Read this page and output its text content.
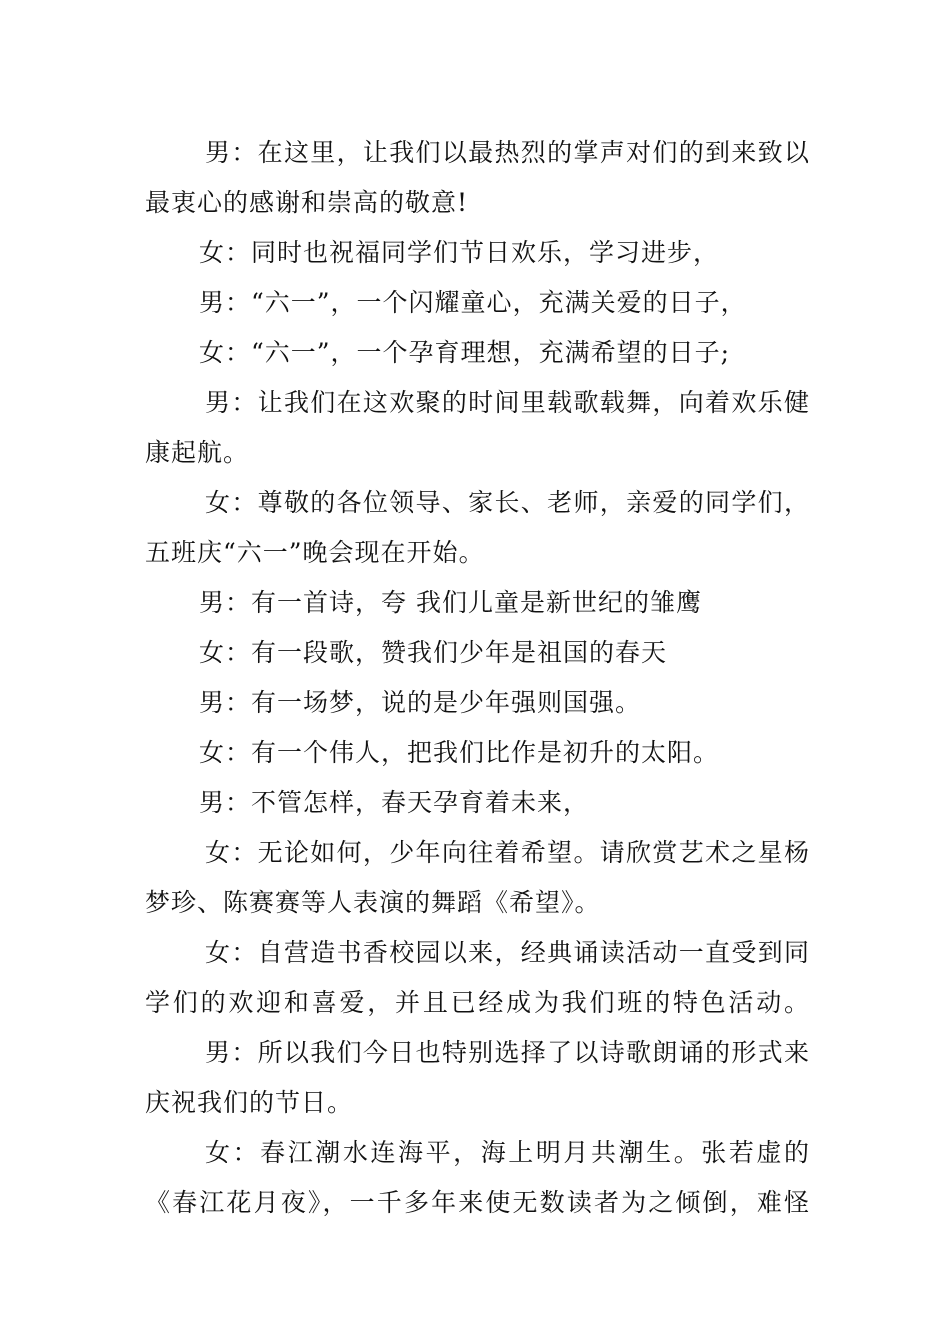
男：在这里，让我们以最热烈的掌声对们的到来致以
最衷心的感谢和崇高的敬意!
女：同时也祝福同学们节日欢乐，学习进步，
男：“六一”，一个闪耀童心，充满关爱的日子，
女：“六一”，一个孕育理想，充满希望的日子;
男：让我们在这欢聚的时间里载歌载舞，向着欢乐健
康起航。
女：尊敬的各位领导、家长、老师，亲爱的同学们，
五班庆“六一”晚会现在开始。
男：有一首诗，夸 我们儿童是新世纪的雏鹰
女：有一段歌，赞我们少年是祖国的春天
男：有一场梦，说的是少年强则国强。
女：有一个伟人，把我们比作是初升的太阳。
男：不管怎样，春天孕育着未来，
女：无论如何，少年向往着希望。请欣赏艺术之星杨
梦珍、陈赛赛等人表演的舞蹈《希望》。
女：自营造书香校园以来，经典诵读活动一直受到同
学们的欢迎和喜爱，并且已经成为我们班的特色活动。
男：所以我们今日也特别选择了以诗歌朗诵的形式来
庆祝我们的节日。
女：春江潮水连海平，海上明月共潮生。张若虚的
《春江花月夜》，一千多年来使无数读者为之倾倒，难怪
